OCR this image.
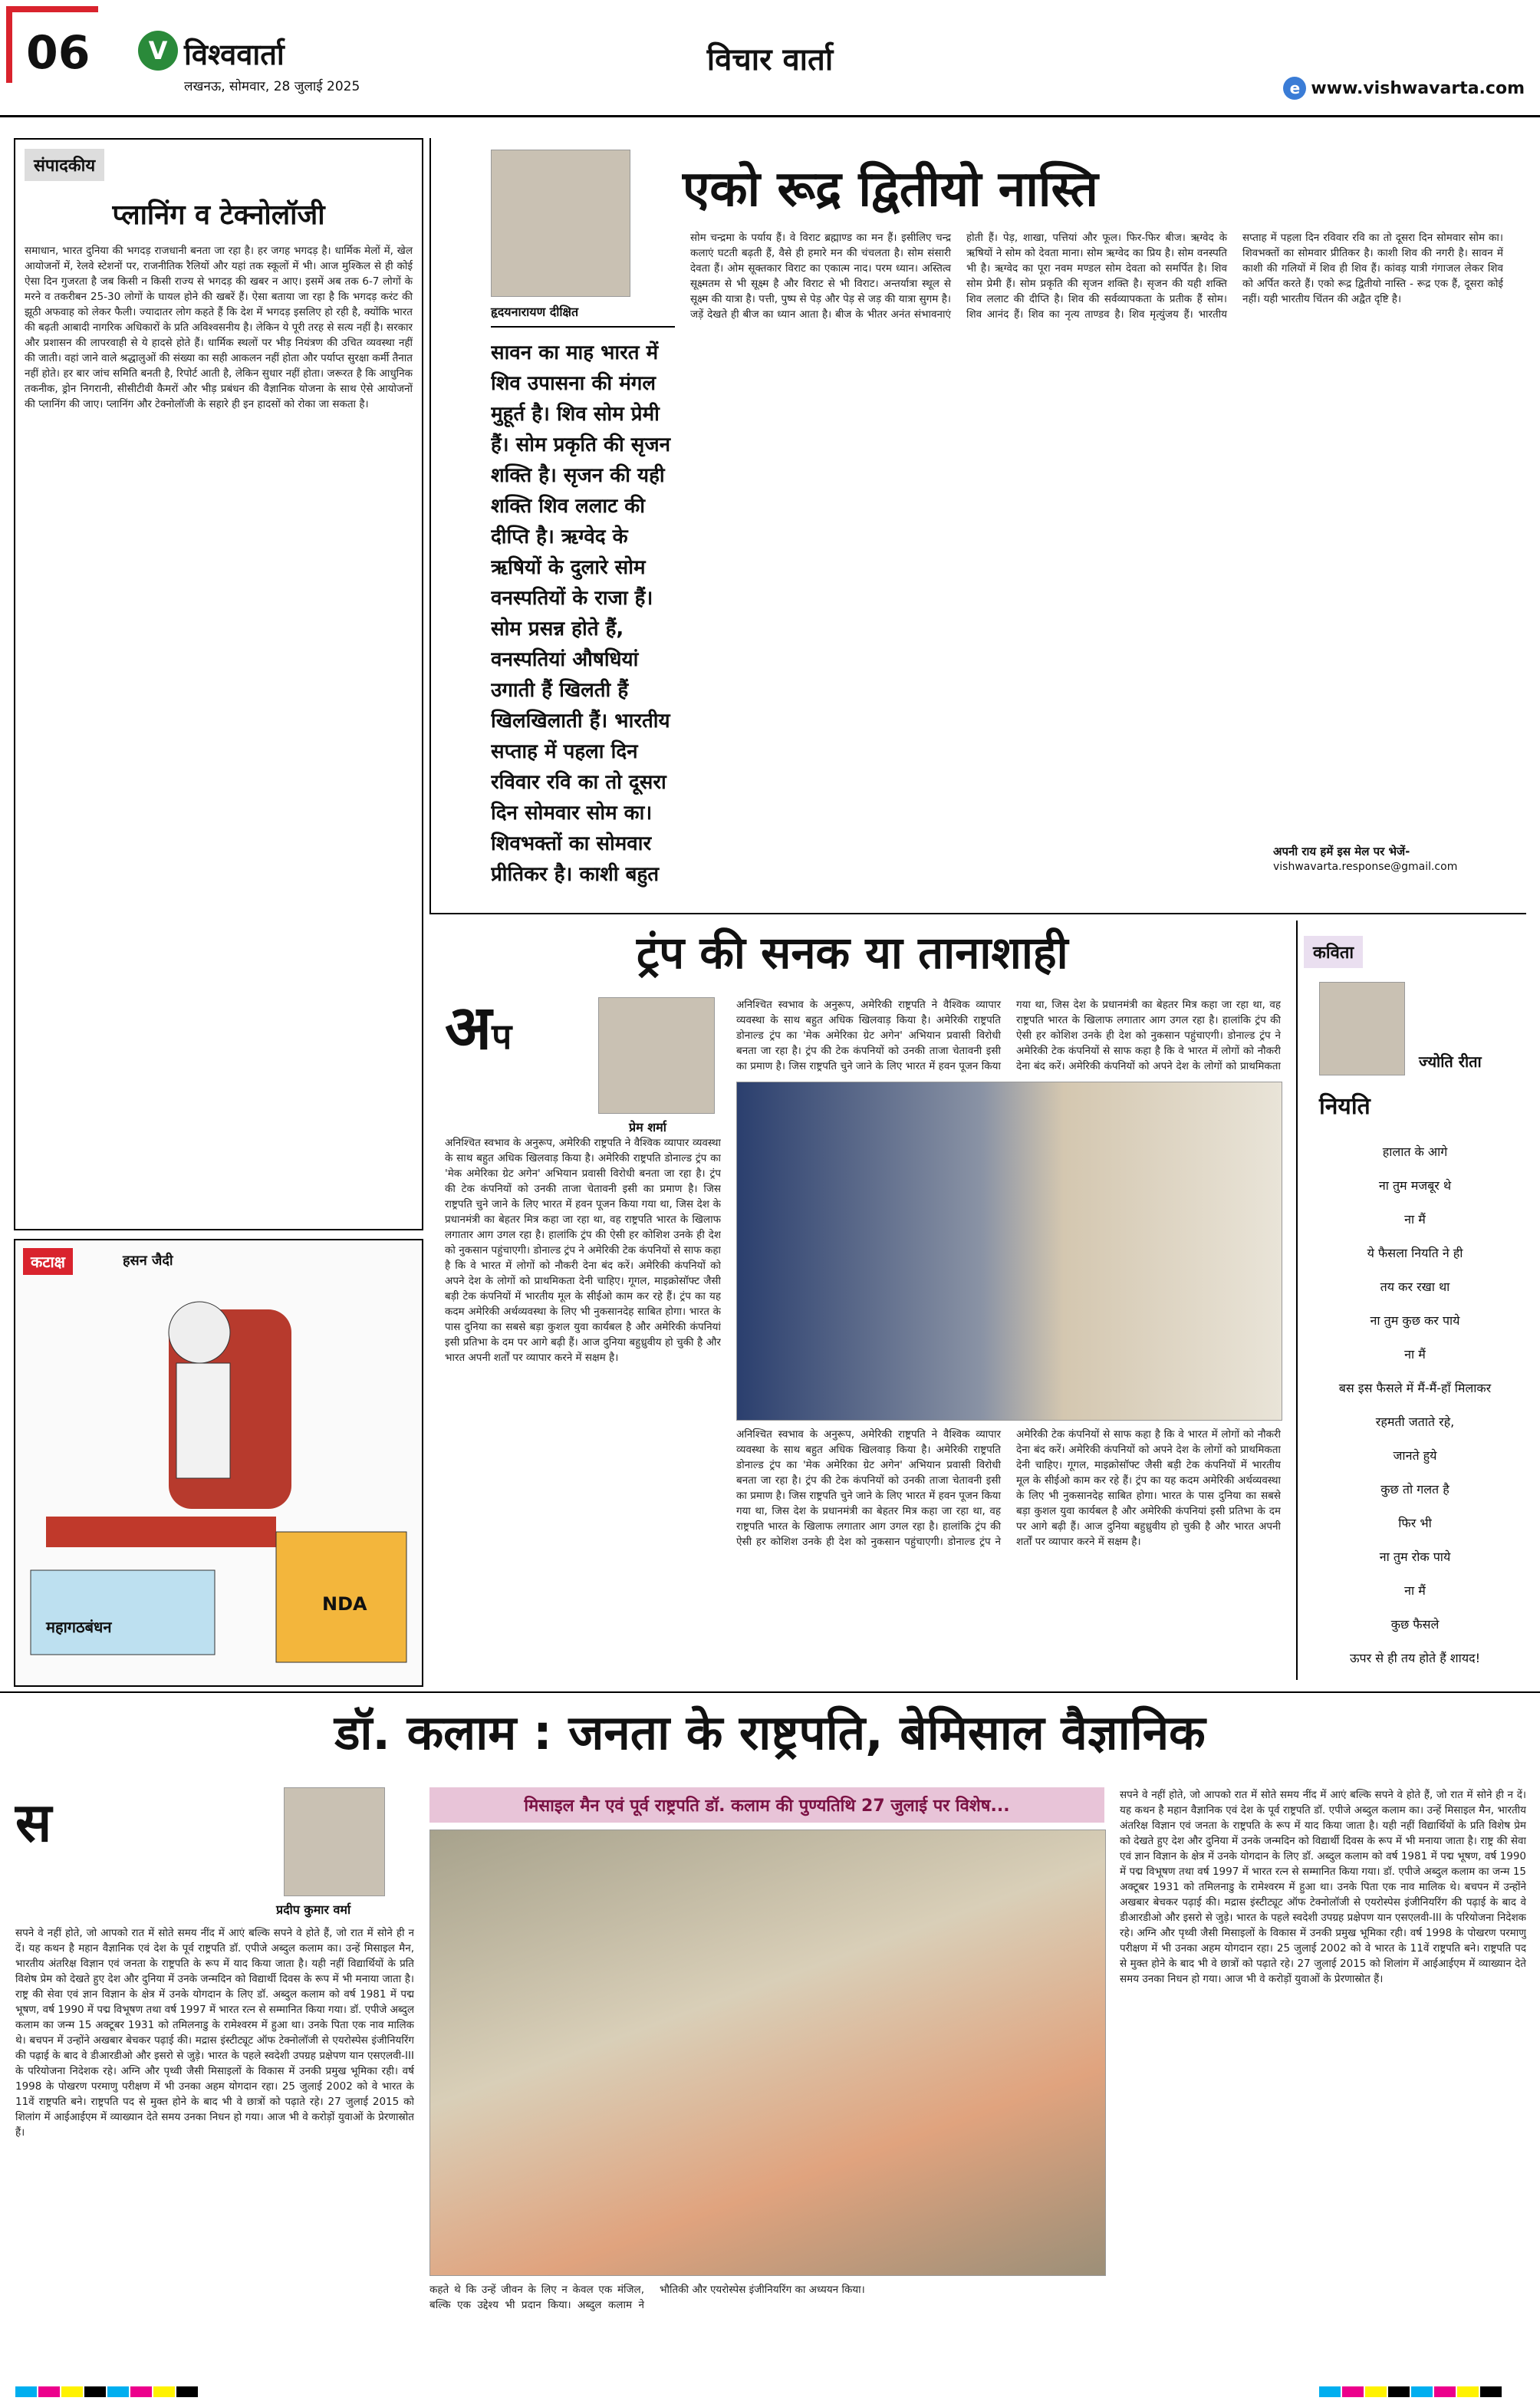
06	V विश्ववार्ता
लखनऊ, सोमवार, 28 जुलाई 2025
विचार वार्ता
e www.vishwavarta.com
संपादकीय
प्लानिंग व टेक्नोलॉजी
समाधान, भारत दुनिया की भगदड़ राजधानी बनता जा रहा है। हर जगह भगदड़ है। धार्मिक मेलों में, खेल आयोजनों में, रेलवे स्टेशनों पर, राजनीतिक रैलियों और यहां तक स्कूलों में भी। आज मुश्किल से ही कोई ऐसा दिन गुजरता है जब किसी न किसी राज्य से भगदड़ की खबर न आए। इसमें अब तक 6-7 लोगों के मरने व तकरीबन 25-30 लोगों के घायल होने की खबरें हैं। ऐसा बताया जा रहा है कि भगदड़ करंट की झूठी अफवाह को लेकर फैली। ज्यादातर लोग कहते हैं कि देश में भगदड़ इसलिए हो रही है, क्योंकि भारत की बढ़ती आबादी नागरिक अधिकारों के प्रति अविश्वसनीय है। लेकिन ये पूरी तरह से सत्य नहीं है। सरकार और प्रशासन की लापरवाही से ये हादसे होते हैं। धार्मिक स्थलों पर भीड़ नियंत्रण की उचित व्यवस्था नहीं की जाती। वहां जाने वाले श्रद्धालुओं की संख्या का सही आकलन नहीं होता और पर्याप्त सुरक्षा कर्मी तैनात नहीं होते। हर बार जांच समिति बनती है, रिपोर्ट आती है, लेकिन सुधार नहीं होता। जरूरत है कि आधुनिक तकनीक, ड्रोन निगरानी, सीसीटीवी कैमरों और भीड़ प्रबंधन की वैज्ञानिक योजना के साथ ऐसे आयोजनों की प्लानिंग की जाए। प्लानिंग और टेक्नोलॉजी के सहारे ही इन हादसों को रोका जा सकता है।
कटाक्ष	हसन जैदी
महागठबंधन
NDA
एको रूद्र द्वितीयो नास्ति
हृदयनारायण दीक्षित
सावन का माह भारत में शिव उपासना की मंगल मुहूर्त है। शिव सोम प्रेमी हैं। सोम प्रकृति की सृजन शक्ति है। सृजन की यही शक्ति शिव ललाट की दीप्ति है। ऋग्वेद के ऋषियों के दुलारे सोम वनस्पतियों के राजा हैं। सोम प्रसन्न होते हैं, वनस्पतियां औषधियां उगाती हैं खिलती हैं खिलखिलाती हैं। भारतीय सप्ताह में पहला दिन रविवार रवि का तो दूसरा दिन सोमवार सोम का। शिवभक्तों का सोमवार प्रीतिकर है। काशी बहुत
सोम चन्द्रमा के पर्याय हैं। वे विराट ब्रह्माण्ड का मन हैं। इसीलिए चन्द्र कलाएं घटती बढ़ती हैं, वैसे ही हमारे मन की चंचलता है। सोम संसारी देवता हैं। ओम सूक्तकार विराट का एकात्म नाद। परम ध्यान। अस्तित्व सूक्ष्मतम से भी सूक्ष्म है और विराट से भी विराट। अन्तर्यात्रा स्थूल से सूक्ष्म की यात्रा है। पत्ती, पुष्प से पेड़ और पेड़ से जड़ की यात्रा सुगम है। जड़ें देखते ही बीज का ध्यान आता है। बीज के भीतर अनंत संभावनाएं होती हैं। पेड़, शाखा, पत्तियां और फूल। फिर-फिर बीज। ऋग्वेद के ऋषियों ने सोम को देवता माना। सोम ऋग्वेद का प्रिय है। सोम वनस्पति भी है। ऋग्वेद का पूरा नवम मण्डल सोम देवता को समर्पित है। शिव सोम प्रेमी हैं। सोम प्रकृति की सृजन शक्ति है। सृजन की यही शक्ति शिव ललाट की दीप्ति है। शिव की सर्वव्यापकता के प्रतीक हैं सोम। शिव आनंद हैं। शिव का नृत्य ताण्डव है। शिव मृत्युंजय हैं। भारतीय सप्ताह में पहला दिन रविवार रवि का तो दूसरा दिन सोमवार सोम का। शिवभक्तों का सोमवार प्रीतिकर है। काशी शिव की नगरी है। सावन में काशी की गलियों में शिव ही शिव हैं। कांवड़ यात्री गंगाजल लेकर शिव को अर्पित करते हैं। एको रूद्र द्वितीयो नास्ति - रूद्र एक हैं, दूसरा कोई नहीं। यही भारतीय चिंतन की अद्वैत दृष्टि है।
अपनी राय हमें इस मेल पर भेजें-
vishwavarta.response@gmail.com
ट्रंप की सनक या तानाशाही
अप
प्रेम शर्मा
अनिश्चित स्वभाव के अनुरूप, अमेरिकी राष्ट्रपति ने वैश्विक व्यापार व्यवस्था के साथ बहुत अधिक खिलवाड़ किया है। अमेरिकी राष्ट्रपति डोनाल्ड ट्रंप का 'मेक अमेरिका ग्रेट अगेन' अभियान प्रवासी विरोधी बनता जा रहा है। ट्रंप की टेक कंपनियों को उनकी ताजा चेतावनी इसी का प्रमाण है। जिस राष्ट्रपति चुने जाने के लिए भारत में हवन पूजन किया गया था, जिस देश के प्रधानमंत्री का बेहतर मित्र कहा जा रहा था, वह राष्ट्रपति भारत के खिलाफ लगातार आग उगल रहा है। हालांकि ट्रंप की ऐसी हर कोशिश उनके ही देश को नुकसान पहुंचाएगी। डोनाल्ड ट्रंप ने अमेरिकी टेक कंपनियों से साफ कहा है कि वे भारत में लोगों को नौकरी देना बंद करें। अमेरिकी कंपनियों को अपने देश के लोगों को प्राथमिकता देनी चाहिए। गूगल, माइक्रोसॉफ्ट जैसी बड़ी टेक कंपनियों में भारतीय मूल के सीईओ काम कर रहे हैं। ट्रंप का यह कदम अमेरिकी अर्थव्यवस्था के लिए भी नुकसानदेह साबित होगा। भारत के पास दुनिया का सबसे बड़ा कुशल युवा कार्यबल है और अमेरिकी कंपनियां इसी प्रतिभा के दम पर आगे बढ़ी हैं। आज दुनिया बहुध्रुवीय हो चुकी है और भारत अपनी शर्तों पर व्यापार करने में सक्षम है।
अनिश्चित स्वभाव के अनुरूप, अमेरिकी राष्ट्रपति ने वैश्विक व्यापार व्यवस्था के साथ बहुत अधिक खिलवाड़ किया है। अमेरिकी राष्ट्रपति डोनाल्ड ट्रंप का 'मेक अमेरिका ग्रेट अगेन' अभियान प्रवासी विरोधी बनता जा रहा है। ट्रंप की टेक कंपनियों को उनकी ताजा चेतावनी इसी का प्रमाण है। जिस राष्ट्रपति चुने जाने के लिए भारत में हवन पूजन किया गया था, जिस देश के प्रधानमंत्री का बेहतर मित्र कहा जा रहा था, वह राष्ट्रपति भारत के खिलाफ लगातार आग उगल रहा है। हालांकि ट्रंप की ऐसी हर कोशिश उनके ही देश को नुकसान पहुंचाएगी। डोनाल्ड ट्रंप ने अमेरिकी टेक कंपनियों से साफ कहा है कि वे भारत में लोगों को नौकरी देना बंद करें। अमेरिकी कंपनियों को अपने देश के लोगों को प्राथमिकता
अनिश्चित स्वभाव के अनुरूप, अमेरिकी राष्ट्रपति ने वैश्विक व्यापार व्यवस्था के साथ बहुत अधिक खिलवाड़ किया है। अमेरिकी राष्ट्रपति डोनाल्ड ट्रंप का 'मेक अमेरिका ग्रेट अगेन' अभियान प्रवासी विरोधी बनता जा रहा है। ट्रंप की टेक कंपनियों को उनकी ताजा चेतावनी इसी का प्रमाण है। जिस राष्ट्रपति चुने जाने के लिए भारत में हवन पूजन किया गया था, जिस देश के प्रधानमंत्री का बेहतर मित्र कहा जा रहा था, वह राष्ट्रपति भारत के खिलाफ लगातार आग उगल रहा है। हालांकि ट्रंप की ऐसी हर कोशिश उनके ही देश को नुकसान पहुंचाएगी। डोनाल्ड ट्रंप ने अमेरिकी टेक कंपनियों से साफ कहा है कि वे भारत में लोगों को नौकरी देना बंद करें। अमेरिकी कंपनियों को अपने देश के लोगों को प्राथमिकता देनी चाहिए। गूगल, माइक्रोसॉफ्ट जैसी बड़ी टेक कंपनियों में भारतीय मूल के सीईओ काम कर रहे हैं। ट्रंप का यह कदम अमेरिकी अर्थव्यवस्था के लिए भी नुकसानदेह साबित होगा। भारत के पास दुनिया का सबसे बड़ा कुशल युवा कार्यबल है और अमेरिकी कंपनियां इसी प्रतिभा के दम पर आगे बढ़ी हैं। आज दुनिया बहुध्रुवीय हो चुकी है और भारत अपनी शर्तों पर व्यापार करने में सक्षम है।
कविता
ज्योति रीता
नियति
हालात के आगे
ना तुम मजबूर थे
ना मैं
ये फैसला नियति ने ही
तय कर रखा था
ना तुम कुछ कर पाये
ना मैं
बस इस फैसले में मैं-मैं-हाँ मिलाकर
रहमती जताते रहे,
जानते हुये
कुछ तो गलत है
फिर भी
ना तुम रोक पाये
ना मैं
कुछ फैसले
ऊपर से ही तय होते हैं शायद!
डॉ. कलाम : जनता के राष्ट्रपति, बेमिसाल वैज्ञानिक
स
प्रदीप कुमार वर्मा
सपने वे नहीं होते, जो आपको रात में सोते समय नींद में आएं बल्कि सपने वे होते हैं, जो रात में सोने ही न दें। यह कथन है महान वैज्ञानिक एवं देश के पूर्व राष्ट्रपति डॉ. एपीजे अब्दुल कलाम का। उन्हें मिसाइल मैन, भारतीय अंतरिक्ष विज्ञान एवं जनता के राष्ट्रपति के रूप में याद किया जाता है। यही नहीं विद्यार्थियों के प्रति विशेष प्रेम को देखते हुए देश और दुनिया में उनके जन्मदिन को विद्यार्थी दिवस के रूप में भी मनाया जाता है। राष्ट्र की सेवा एवं ज्ञान विज्ञान के क्षेत्र में उनके योगदान के लिए डॉ. अब्दुल कलाम को वर्ष 1981 में पद्म भूषण, वर्ष 1990 में पद्म विभूषण तथा वर्ष 1997 में भारत रत्न से सम्मानित किया गया। डॉ. एपीजे अब्दुल कलाम का जन्म 15 अक्टूबर 1931 को तमिलनाडु के रामेश्वरम में हुआ था। उनके पिता एक नाव मालिक थे। बचपन में उन्होंने अखबार बेचकर पढ़ाई की। मद्रास इंस्टीट्यूट ऑफ टेक्नोलॉजी से एयरोस्पेस इंजीनियरिंग की पढ़ाई के बाद वे डीआरडीओ और इसरो से जुड़े। भारत के पहले स्वदेशी उपग्रह प्रक्षेपण यान एसएलवी-III के परियोजना निदेशक रहे। अग्नि और पृथ्वी जैसी मिसाइलों के विकास में उनकी प्रमुख भूमिका रही। वर्ष 1998 के पोखरण परमाणु परीक्षण में भी उनका अहम योगदान रहा। 25 जुलाई 2002 को वे भारत के 11वें राष्ट्रपति बने। राष्ट्रपति पद से मुक्त होने के बाद भी वे छात्रों को पढ़ाते रहे। 27 जुलाई 2015 को शिलांग में आईआईएम में व्याख्यान देते समय उनका निधन हो गया। आज भी वे करोड़ों युवाओं के प्रेरणास्रोत हैं।
मिसाइल मैन एवं पूर्व राष्ट्रपति डॉ. कलाम की पुण्यतिथि 27 जुलाई पर विशेष...
कहते थे कि उन्हें जीवन के लिए न केवल एक मंजिल, बल्कि एक उद्देश्य भी प्रदान किया। अब्दुल कलाम ने भौतिकी और एयरोस्पेस इंजीनियरिंग का अध्ययन किया।
सपने वे नहीं होते, जो आपको रात में सोते समय नींद में आएं बल्कि सपने वे होते हैं, जो रात में सोने ही न दें। यह कथन है महान वैज्ञानिक एवं देश के पूर्व राष्ट्रपति डॉ. एपीजे अब्दुल कलाम का। उन्हें मिसाइल मैन, भारतीय अंतरिक्ष विज्ञान एवं जनता के राष्ट्रपति के रूप में याद किया जाता है। यही नहीं विद्यार्थियों के प्रति विशेष प्रेम को देखते हुए देश और दुनिया में उनके जन्मदिन को विद्यार्थी दिवस के रूप में भी मनाया जाता है। राष्ट्र की सेवा एवं ज्ञान विज्ञान के क्षेत्र में उनके योगदान के लिए डॉ. अब्दुल कलाम को वर्ष 1981 में पद्म भूषण, वर्ष 1990 में पद्म विभूषण तथा वर्ष 1997 में भारत रत्न से सम्मानित किया गया। डॉ. एपीजे अब्दुल कलाम का जन्म 15 अक्टूबर 1931 को तमिलनाडु के रामेश्वरम में हुआ था। उनके पिता एक नाव मालिक थे। बचपन में उन्होंने अखबार बेचकर पढ़ाई की। मद्रास इंस्टीट्यूट ऑफ टेक्नोलॉजी से एयरोस्पेस इंजीनियरिंग की पढ़ाई के बाद वे डीआरडीओ और इसरो से जुड़े। भारत के पहले स्वदेशी उपग्रह प्रक्षेपण यान एसएलवी-III के परियोजना निदेशक रहे। अग्नि और पृथ्वी जैसी मिसाइलों के विकास में उनकी प्रमुख भूमिका रही। वर्ष 1998 के पोखरण परमाणु परीक्षण में भी उनका अहम योगदान रहा। 25 जुलाई 2002 को वे भारत के 11वें राष्ट्रपति बने। राष्ट्रपति पद से मुक्त होने के बाद भी वे छात्रों को पढ़ाते रहे। 27 जुलाई 2015 को शिलांग में आईआईएम में व्याख्यान देते समय उनका निधन हो गया। आज भी वे करोड़ों युवाओं के प्रेरणास्रोत हैं।
